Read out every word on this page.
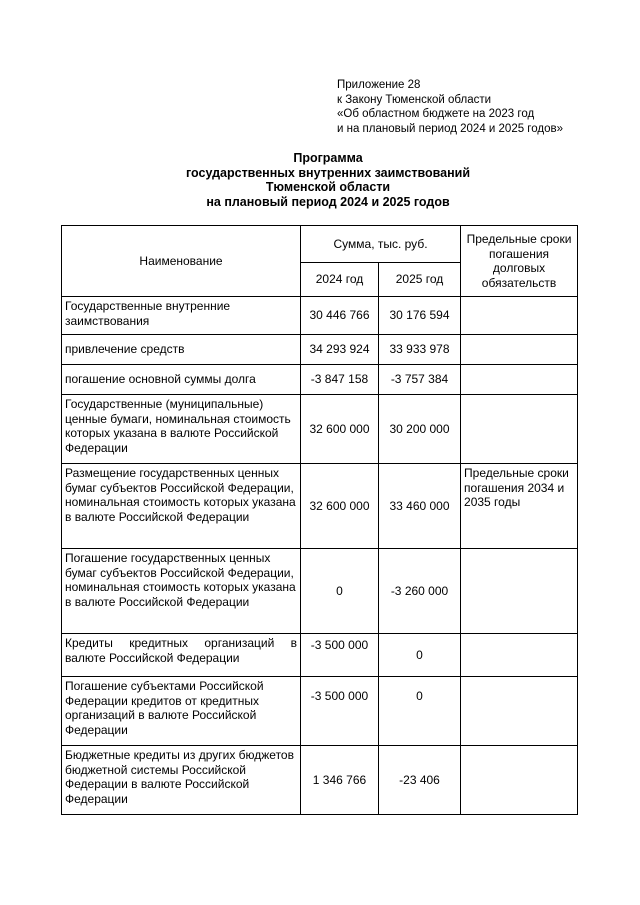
Приложение 28
к Закону Тюменской области
«Об областном бюджете на 2023 год
и на плановый период 2024 и 2025 годов»
Программа
государственных внутренних заимствований
Тюменской области
на плановый период 2024 и 2025 годов
Наименование	Сумма, тыс. руб.		Предельные сроки погашения долговых обязательств
	2024 год	2025 год	
Государственные внутренние заимствования	30 446 766	30 176 594	
привлечение средств	34 293 924	33 933 978	
погашение основной суммы долга	-3 847 158	-3 757 384	
Государственные (муниципальные) ценные бумаги, номинальная стоимость которых указана в валюте Российской Федерации	32 600 000	30 200 000	
Размещение государственных ценных бумаг субъектов Российской Федерации, номинальная стоимость которых указана в валюте Российской Федерации	32 600 000	33 460 000	Предельные сроки погашения 2034 и 2035 годы
Погашение государственных ценных бумаг субъектов Российской Федерации, номинальная стоимость которых указана в валюте Российской Федерации	0	-3 260 000	
Кредиты кредитных организаций в валюте Российской Федерации	-3 500 000	0	
Погашение субъектами Российской Федерации кредитов от кредитных организаций в валюте Российской Федерации	-3 500 000	0	
Бюджетные кредиты из других бюджетов бюджетной системы Российской Федерации в валюте Российской Федерации	1 346 766	-23 406	
